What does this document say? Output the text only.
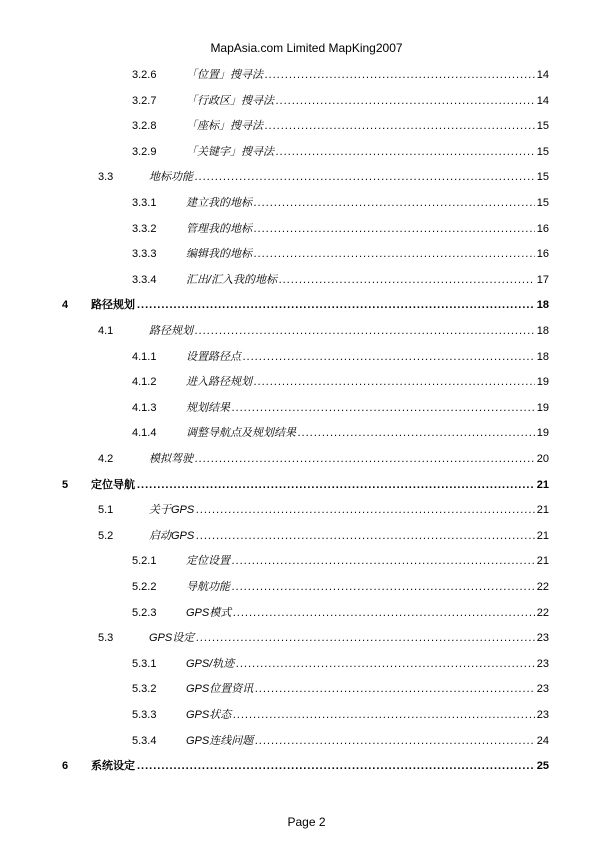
MapAsia.com Limited MapKing2007
3.2.6	「位置」搜寻法 .....	14
3.2.7	「行政区」搜寻法 .....	14
3.2.8	「座标」搜寻法 .....	15
3.2.9	「关键字」搜寻法 .....	15
3.3	地标功能 .....	15
3.3.1	建立我的地标 .....	15
3.3.2	管理我的地标 .....	16
3.3.3	编辑我的地标 .....	16
3.3.4	汇出/汇入我的地标 .....	17
4 路径规划 .....	18
4.1	路径规划 .....	18
4.1.1	设置路径点 .....	18
4.1.2	进入路径规划 .....	19
4.1.3	规划结果 .....	19
4.1.4	调整导航点及规划结果 .....	19
4.2	模拟驾驶 .....	20
5 定位导航 .....	21
5.1	关于GPS .....	21
5.2	启动GPS .....	21
5.2.1	定位设置 .....	21
5.2.2	导航功能 .....	22
5.2.3	GPS模式 .....	22
5.3	GPS设定 .....	23
5.3.1	GPS/轨迹 .....	23
5.3.2	GPS位置资讯 .....	23
5.3.3	GPS状态 .....	23
5.3.4	GPS连线问题 .....	24
6 系统设定 .....	25
Page 2
